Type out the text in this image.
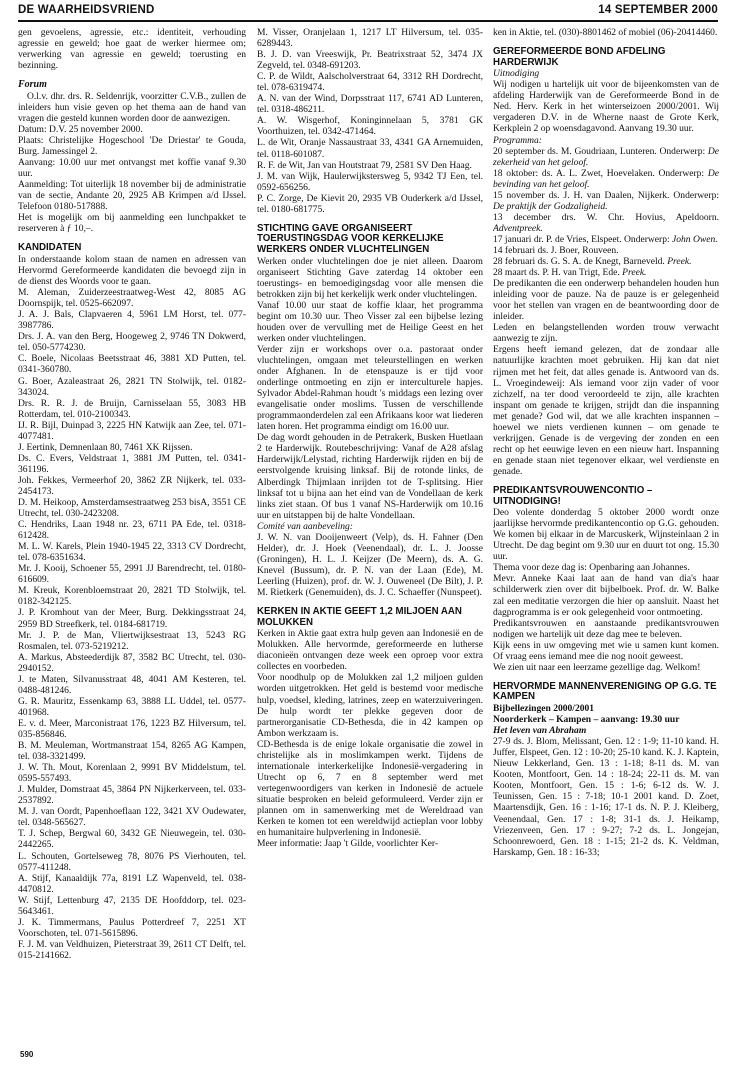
DE WAARHEIDSVRIEND	14 SEPTEMBER 2000

gen gevoelens, agressie, etc.: identiteit, verhouding agressie en geweld; hoe gaat de werker hiermee om; verwerking van agressie en geweld; toerusting en bezinning.

Forum

O.l.v. dhr. drs. R. Seldenrijk, voorzitter C.V.B., zullen de inleiders hun visie geven op het thema aan de hand van vragen die gesteld kunnen worden door de aanwezigen.

Datum: D.V. 25 november 2000.

Plaats: Christelijke Hogeschool 'De Driestar' te Gouda, Burg. Jamessingel 2.

Aanvang: 10.00 uur met ontvangst met koffie vanaf 9.30 uur.

Aanmelding: Tot uiterlijk 18 november bij de administratie van de sectie, Andante 20, 2925 AB Krimpen a/d IJssel. Telefoon 0180-517888.

Het is mogelijk om bij aanmelding een lunchpakket te reserveren à ƒ 10,–.

KANDIDATEN

In onderstaande kolom staan de namen en adressen van Hervormd Gereformeerde kandidaten die bevoegd zijn in de dienst des Woords voor te gaan.

M. Aleman, Zuiderzeestraatweg-West 42, 8085 AG Doornspijk, tel. 0525-662097.

J. A. J. Bals, Clapvaeren 4, 5961 LM Horst, tel. 077-3987786.

Drs. J. A. van den Berg, Hoogeweg 2, 9746 TN Dokwerd, tel. 050-5774230.

C. Boele, Nicolaas Beetsstraat 46, 3881 XD Putten, tel. 0341-360780.

G. Boer, Azaleastraat 26, 2821 TN Stolwijk, tel. 0182-343024.

Drs. R. R. J. de Bruijn, Carnisselaan 55, 3083 HB Rotterdam, tel. 010-2100343.

IJ. R. Bijl, Duinpad 3, 2225 HN Katwijk aan Zee, tel. 071-4077481.

J. Eertink, Demnenlaan 80, 7461 XK Rijssen.

Ds. C. Evers, Veldstraat 1, 3881 JM Putten, tel. 0341-361196.

Joh. Fekkes, Vermeerhof 20, 3862 ZR Nijkerk, tel. 033-2454173.

D. M. Heikoop, Amsterdamsestraatweg 253 bisA, 3551 CE Utrecht, tel. 030-2423208.

C. Hendriks, Laan 1948 nr. 23, 6711 PA Ede, tel. 0318-612428.

M. L. W. Karels, Plein 1940-1945 22, 3313 CV Dordrecht, tel. 078-6351634.

Mr. J. Kooij, Schoener 55, 2991 JJ Barendrecht, tel. 0180-616609.

M. Kreuk, Korenbloemstraat 20, 2821 TD Stolwijk, tel. 0182-342125.

J. P. Kromhout van der Meer, Burg. Dekkingsstraat 24, 2959 BD Streefkerk, tel. 0184-681719.

Mr. J. P. de Man, Vliertwijksestraat 13, 5243 RG Rosmalen, tel. 073-5219212.

A. Markus, Absteederdijk 87, 3582 BC Utrecht, tel. 030-2940152.

J. te Maten, Silvanusstraat 48, 4041 AM Kesteren, tel. 0488-481246.

G. R. Mauritz, Essenkamp 63, 3888 LL Uddel, tel. 0577-401968.

E. v. d. Meer, Marconistraat 176, 1223 BZ Hilversum, tel. 035-856846.

B. M. Meuleman, Wortmanstraat 154, 8265 AG Kampen, tel. 038-3321499.

J. W. Th. Mout, Korenlaan 2, 9991 BV Middelstum, tel. 0595-557493.

J. Mulder, Domstraat 45, 3864 PN Nijkerkerveen, tel. 033-2537892.

M. J. van Oordt, Papenhoeflaan 122, 3421 XV Oudewater, tel. 0348-565627.

T. J. Schep, Bergwal 60, 3432 GE Nieuwegein, tel. 030-2442265.

L. Schouten, Gortelseweg 78, 8076 PS Vierhouten, tel. 0577-411248.

A. Stijf, Kanaaldijk 77a, 8191 LZ Wapenveld, tel. 038-4470812.

W. Stijf, Lettenburg 47, 2135 DE Hoofddorp, tel. 023-5643461.

J. K. Timmermans, Paulus Potterdreef 7, 2251 XT Voorschoten, tel. 071-5615896.

F. J. M. van Veldhuizen, Pieterstraat 39, 2611 CT Delft, tel. 015-2141662.

M. Visser, Oranjelaan 1, 1217 LT Hilversum, tel. 035-6289443.

B. J. D. van Vreeswijk, Pr. Beatrixstraat 52, 3474 JX Zegveld, tel. 0348-691203.

C. P. de Wildt, Aalscholverstraat 64, 3312 RH Dordrecht, tel. 078-6319474.

A. N. van der Wind, Dorpsstraat 117, 6741 AD Lunteren, tel. 0318-486211.

A. W. Wisgerhof, Koninginnelaan 5, 3781 GK Voorthuizen, tel. 0342-471464.

L. de Wit, Oranje Nassaustraat 33, 4341 GA Arnemuiden, tel. 0118-601087.

R. F. de Wit, Jan van Houtstraat 79, 2581 SV Den Haag.

J. M. van Wijk, Haulerwijkstersweg 5, 9342 TJ Een, tel. 0592-656256.

P. C. Zorge, De Kievit 20, 2935 VB Ouderkerk a/d IJssel, tel. 0180-681775.

STICHTING GAVE ORGANISEERT TOERUSTINGSDAG VOOR KERKELIJKE WERKERS ONDER VLUCHTELINGEN

Werken onder vluchtelingen doe je niet alleen. Daarom organiseert Stichting Gave zaterdag 14 oktober een toerustings- en bemoedigingsdag voor alle mensen die betrokken zijn bij het kerkelijk werk onder vluchtelingen.

Vanaf 10.00 uur staat de koffie klaar, het programma begint om 10.30 uur. Theo Visser zal een bijbelse lezing houden over de vervulling met de Heilige Geest en het werken onder vluchtelingen.

Verder zijn er workshops over o.a. pastoraat onder vluchtelingen, omgaan met teleurstellingen en werken onder Afghanen. In de etenspauze is er tijd voor onderlinge ontmoeting en zijn er interculturele hapjes. Sylvador Abdel-Rahman houdt 's middags een lezing over evangelisatie onder moslims. Tussen de verschillende programmaonderdelen zal een Afrikaans koor wat liederen laten horen. Het programma eindigt om 16.00 uur.

De dag wordt gehouden in de Petrakerk, Busken Huetlaan 2 te Harderwijk. Routebeschrijving: Vanaf de A28 afslag Harderwijk/Lelystad, richting Harderwijk rijden en bij de eerstvolgende kruising linksaf. Bij de rotonde links, de Alberdingk Thijmlaan inrijden tot de T-splitsing. Hier linksaf tot u bijna aan het eind van de Vondellaan de kerk links ziet staan. Of bus 1 vanaf NS-Harderwijk om 10.16 uur en uitstappen bij de halte Vondellaan.

Comité van aanbeveling:

J. W. N. van Dooijenweert (Velp), ds. H. Fahner (Den Helder), dr. J. Hoek (Veenendaal), dr. L. J. Joosse (Groningen), H. L. J. Keijzer (De Meern), ds. A. G. Knevel (Bussum), dr. P. N. van der Laan (Ede), M. Leerling (Huizen), prof. dr. W. J. Ouweneel (De Bilt), J. P. M. Rietkerk (Genemuiden), ds. J. C. Schaeffer (Nunspeet).

KERKEN IN AKTIE GEEFT 1,2 MILJOEN AAN MOLUKKEN

Kerken in Aktie gaat extra hulp geven aan Indonesië en de Molukken. Alle hervormde, gereformeerde en lutherse diaconieën ontvangen deze week een oproep voor extra collectes en voorbeden.

Voor noodhulp op de Molukken zal 1,2 miljoen gulden worden uitgetrokken. Het geld is bestemd voor medische hulp, voedsel, kleding, latrines, zeep en waterzuiveringen. De hulp wordt ter plekke gegeven door de partnerorganisatie CD-Bethesda, die in 42 kampen op Ambon werkzaam is.

CD-Bethesda is de enige lokale organisatie die zowel in christelijke als in moslimkampen werkt. Tijdens de internationale interkerkelijke Indonesië-vergadering in Utrecht op 6, 7 en 8 september werd met vertegenwoordigers van kerken in Indonesië de actuele situatie besproken en beleid geformuleerd. Verder zijn er plannen om in samenwerking met de Wereldraad van Kerken te komen tot een wereldwijd actieplan voor lobby en humanitaire hulpverlening in Indonesië.

Meer informatie: Jaap 't Gilde, voorlichter Ker-

ken in Aktie, tel. (030)-8801462 of mobiel (06)-20414460.

GEREFORMEERDE BOND AFDELING HARDERWIJK
Uitnodiging

Wij nodigen u hartelijk uit voor de bijeenkomsten van de afdeling Harderwijk van de Gereformeerde Bond in de Ned. Herv. Kerk in het winterseizoen 2000/2001. Wij vergaderen D.V. in de Wherne naast de Grote Kerk, Kerkplein 2 op woensdagavond. Aanvang 19.30 uur.

Programma:

20 september ds. M. Goudriaan, Lunteren. Onderwerp: De zekerheid van het geloof.

18 oktober: ds. A. L. Zwet, Hoevelaken. Onderwerp: De bevinding van het geloof.

15 november ds. J. H. van Daalen, Nijkerk. Onderwerp: De praktijk der Godzaligheid.

13 december drs. W. Chr. Hovius, Apeldoorn. Adventpreek.

17 januari dr. P. de Vries, Elspeet. Onderwerp: John Owen.

14 februari ds. J. Boer, Rouveen.

28 februari ds. G. S. A. de Knegt, Barneveld. Preek.

28 maart ds. P. H. van Trigt, Ede. Preek.

De predikanten die een onderwerp behandelen houden hun inleiding voor de pauze. Na de pauze is er gelegenheid voor het stellen van vragen en de beantwoording door de inleider.

Leden en belangstellenden worden trouw verwacht aanwezig te zijn.

Ergens heeft iemand gelezen, dat de zondaar alle natuurlijke krachten moet gebruiken. Hij kan dat niet rijmen met het feit, dat alles genade is. Antwoord van ds. L. Vroegindeweij: Als iemand voor zijn vader of voor zichzelf, na ter dood veroordeeld te zijn, alle krachten inspant om genade te krijgen, strijdt dan die inspanning met genade? God wil, dat we alle krachten inspannen – hoewel we niets verdienen kunnen – om genade te verkrijgen. Genade is de vergeving der zonden en een recht op het eeuwige leven en een nieuw hart. Inspanning en genade staan niet tegenover elkaar, wel verdienste en genade.

PREDIKANTSVROUWENCONTIO – UITNODIGING!

Deo volente donderdag 5 oktober 2000 wordt onze jaarlijkse hervormde predikantencontio op G.G. gehouden. We komen bij elkaar in de Marcuskerk, Wijnsteinlaan 2 in Utrecht. De dag begint om 9.30 uur en duurt tot ong. 15.30 uur.

Thema voor deze dag is: Openbaring aan Johannes.

Mevr. Anneke Kaai laat aan de hand van dia's haar schilderwerk zien over dit bijbelboek. Prof. dr. W. Balke zal een meditatie verzorgen die hier op aansluit. Naast het dagprogramma is er ook gelegenheid voor ontmoeting.

Predikantsvrouwen en aanstaande predikantsvrouwen nodigen we hartelijk uit deze dag mee te beleven.

Kijk eens in uw omgeving met wie u samen kunt komen. Of vraag eens iemand mee die nog nooit geweest.

We zien uit naar een leerzame gezellige dag. Welkom!

HERVORMDE MANNENVERENIGING OP G.G. TE KAMPEN
Bijbellezingen 2000/2001
Noorderkerk – Kampen – aanvang: 19.30 uur
Het leven van Abraham

27-9 ds. J. Blom, Melissant, Gen. 12 : 1-9; 11-10 kand. H. Juffer, Elspeet, Gen. 12 : 10-20; 25-10 kand. K. J. Kaptein, Nieuw Lekkerland, Gen. 13 : 1-18; 8-11 ds. M. van Kooten, Montfoort, Gen. 14 : 18-24; 22-11 ds. M. van Kooten, Montfoort, Gen. 15 : 1-6; 6-12 ds. W. J. Teunissen, Gen. 15 : 7-18; 10-1 2001 kand. D. Zoet, Maartensdijk, Gen. 16 : 1-16; 17-1 ds. N. P. J. Kleiberg, Veenendaal, Gen. 17 : 1-8; 31-1 ds. J. Heikamp, Vriezenveen, Gen. 17 : 9-27; 7-2 ds. L. Jongejan, Schoonrewoerd, Gen. 18 : 1-15; 21-2 ds. K. Veldman, Harskamp, Gen. 18 : 16-33;

590
